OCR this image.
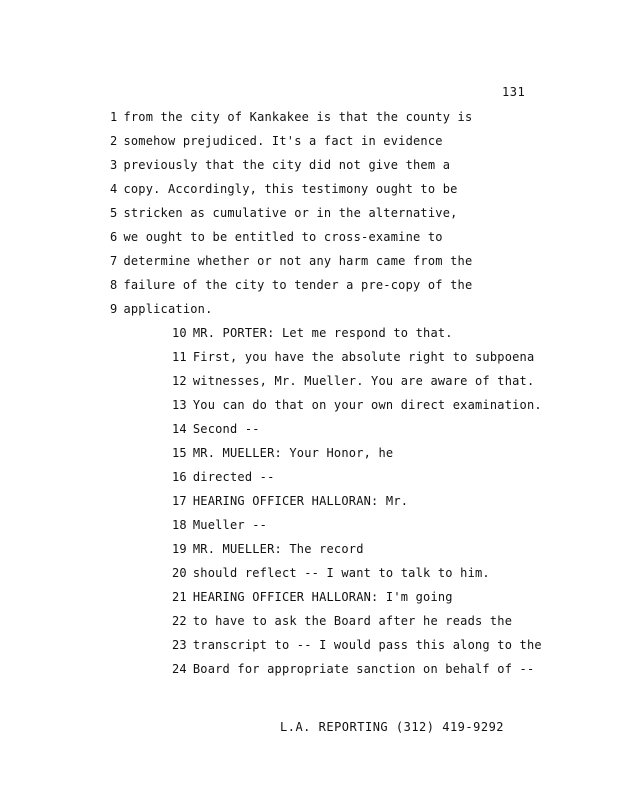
131
1 from the city of Kankakee is that the county is
2 somehow prejudiced. It's a fact in evidence
3 previously that the city did not give them a
4 copy. Accordingly, this testimony ought to be
5 stricken as cumulative or in the alternative,
6 we ought to be entitled to cross-examine to
7 determine whether or not any harm came from the
8 failure of the city to tender a pre-copy of the
9 application.
10 MR. PORTER: Let me respond to that.
11 First, you have the absolute right to subpoena
12 witnesses, Mr. Mueller. You are aware of that.
13 You can do that on your own direct examination.
14 Second --
15 MR. MUELLER: Your Honor, he
16 directed --
17 HEARING OFFICER HALLORAN: Mr.
18 Mueller --
19 MR. MUELLER: The record
20 should reflect -- I want to talk to him.
21 HEARING OFFICER HALLORAN: I'm going
22 to have to ask the Board after he reads the
23 transcript to -- I would pass this along to the
24 Board for appropriate sanction on behalf of --
L.A. REPORTING (312) 419-9292
